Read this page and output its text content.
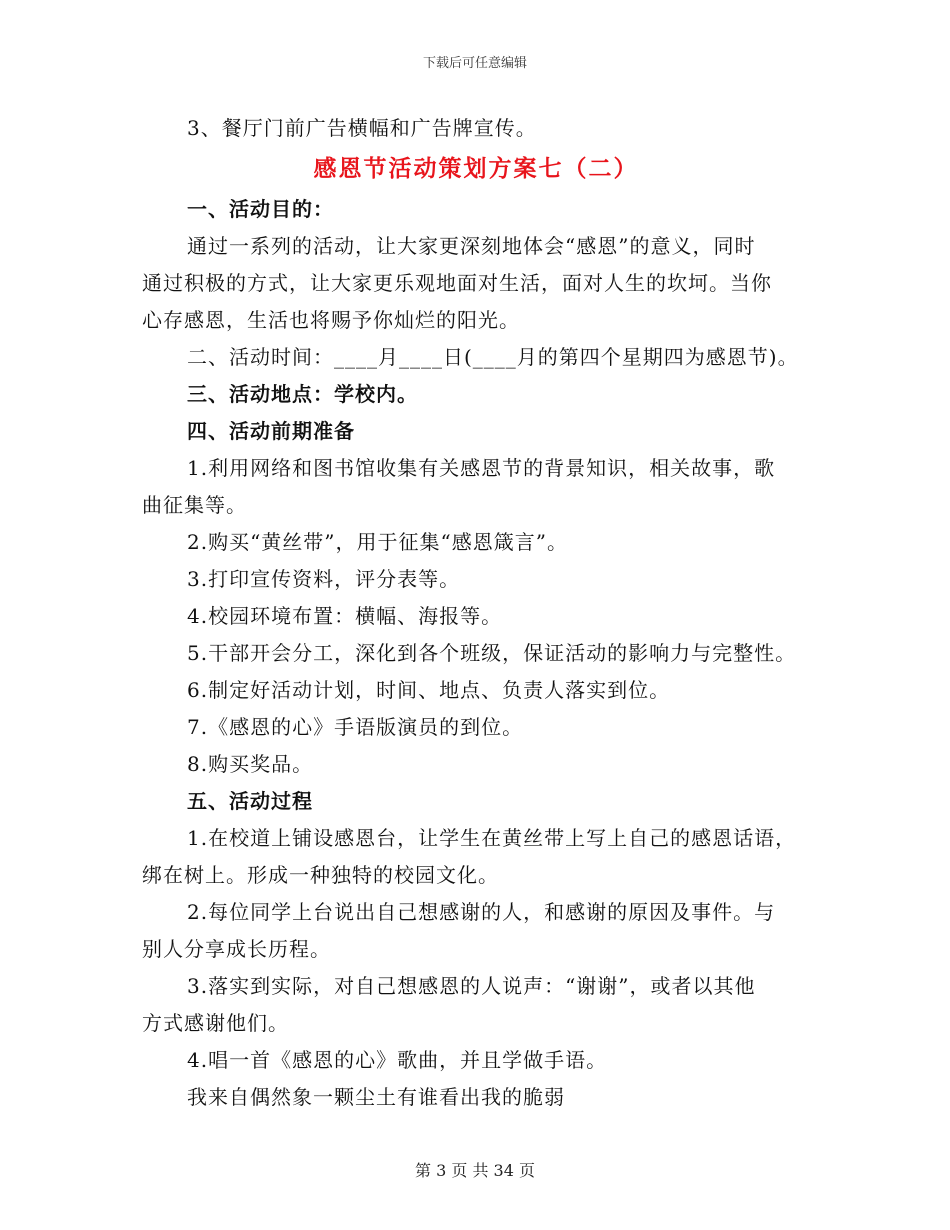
下载后可任意编辑
3、餐厅门前广告横幅和广告牌宣传。
感恩节活动策划方案七（二）
一、活动目的：
通过一系列的活动，让大家更深刻地体会“感恩”的意义，同时
通过积极的方式，让大家更乐观地面对生活，面对人生的坎坷。当你
心存感恩，生活也将赐予你灿烂的阳光。
二、活动时间：____月____日(____月的第四个星期四为感恩节)。
三、活动地点：学校内。
四、活动前期准备
1.利用网络和图书馆收集有关感恩节的背景知识，相关故事，歌
曲征集等。
2.购买“黄丝带”，用于征集“感恩箴言”。
3.打印宣传资料，评分表等。
4.校园环境布置：横幅、海报等。
5.干部开会分工，深化到各个班级，保证活动的影响力与完整性。
6.制定好活动计划，时间、地点、负责人落实到位。
7.《感恩的心》手语版演员的到位。
8.购买奖品。
五、活动过程
1.在校道上铺设感恩台，让学生在黄丝带上写上自己的感恩话语，
绑在树上。形成一种独特的校园文化。
2.每位同学上台说出自己想感谢的人，和感谢的原因及事件。与
别人分享成长历程。
3.落实到实际，对自己想感恩的人说声：“谢谢”，或者以其他
方式感谢他们。
4.唱一首《感恩的心》歌曲，并且学做手语。
我来自偶然象一颗尘土有谁看出我的脆弱
第 3 页 共 34 页
